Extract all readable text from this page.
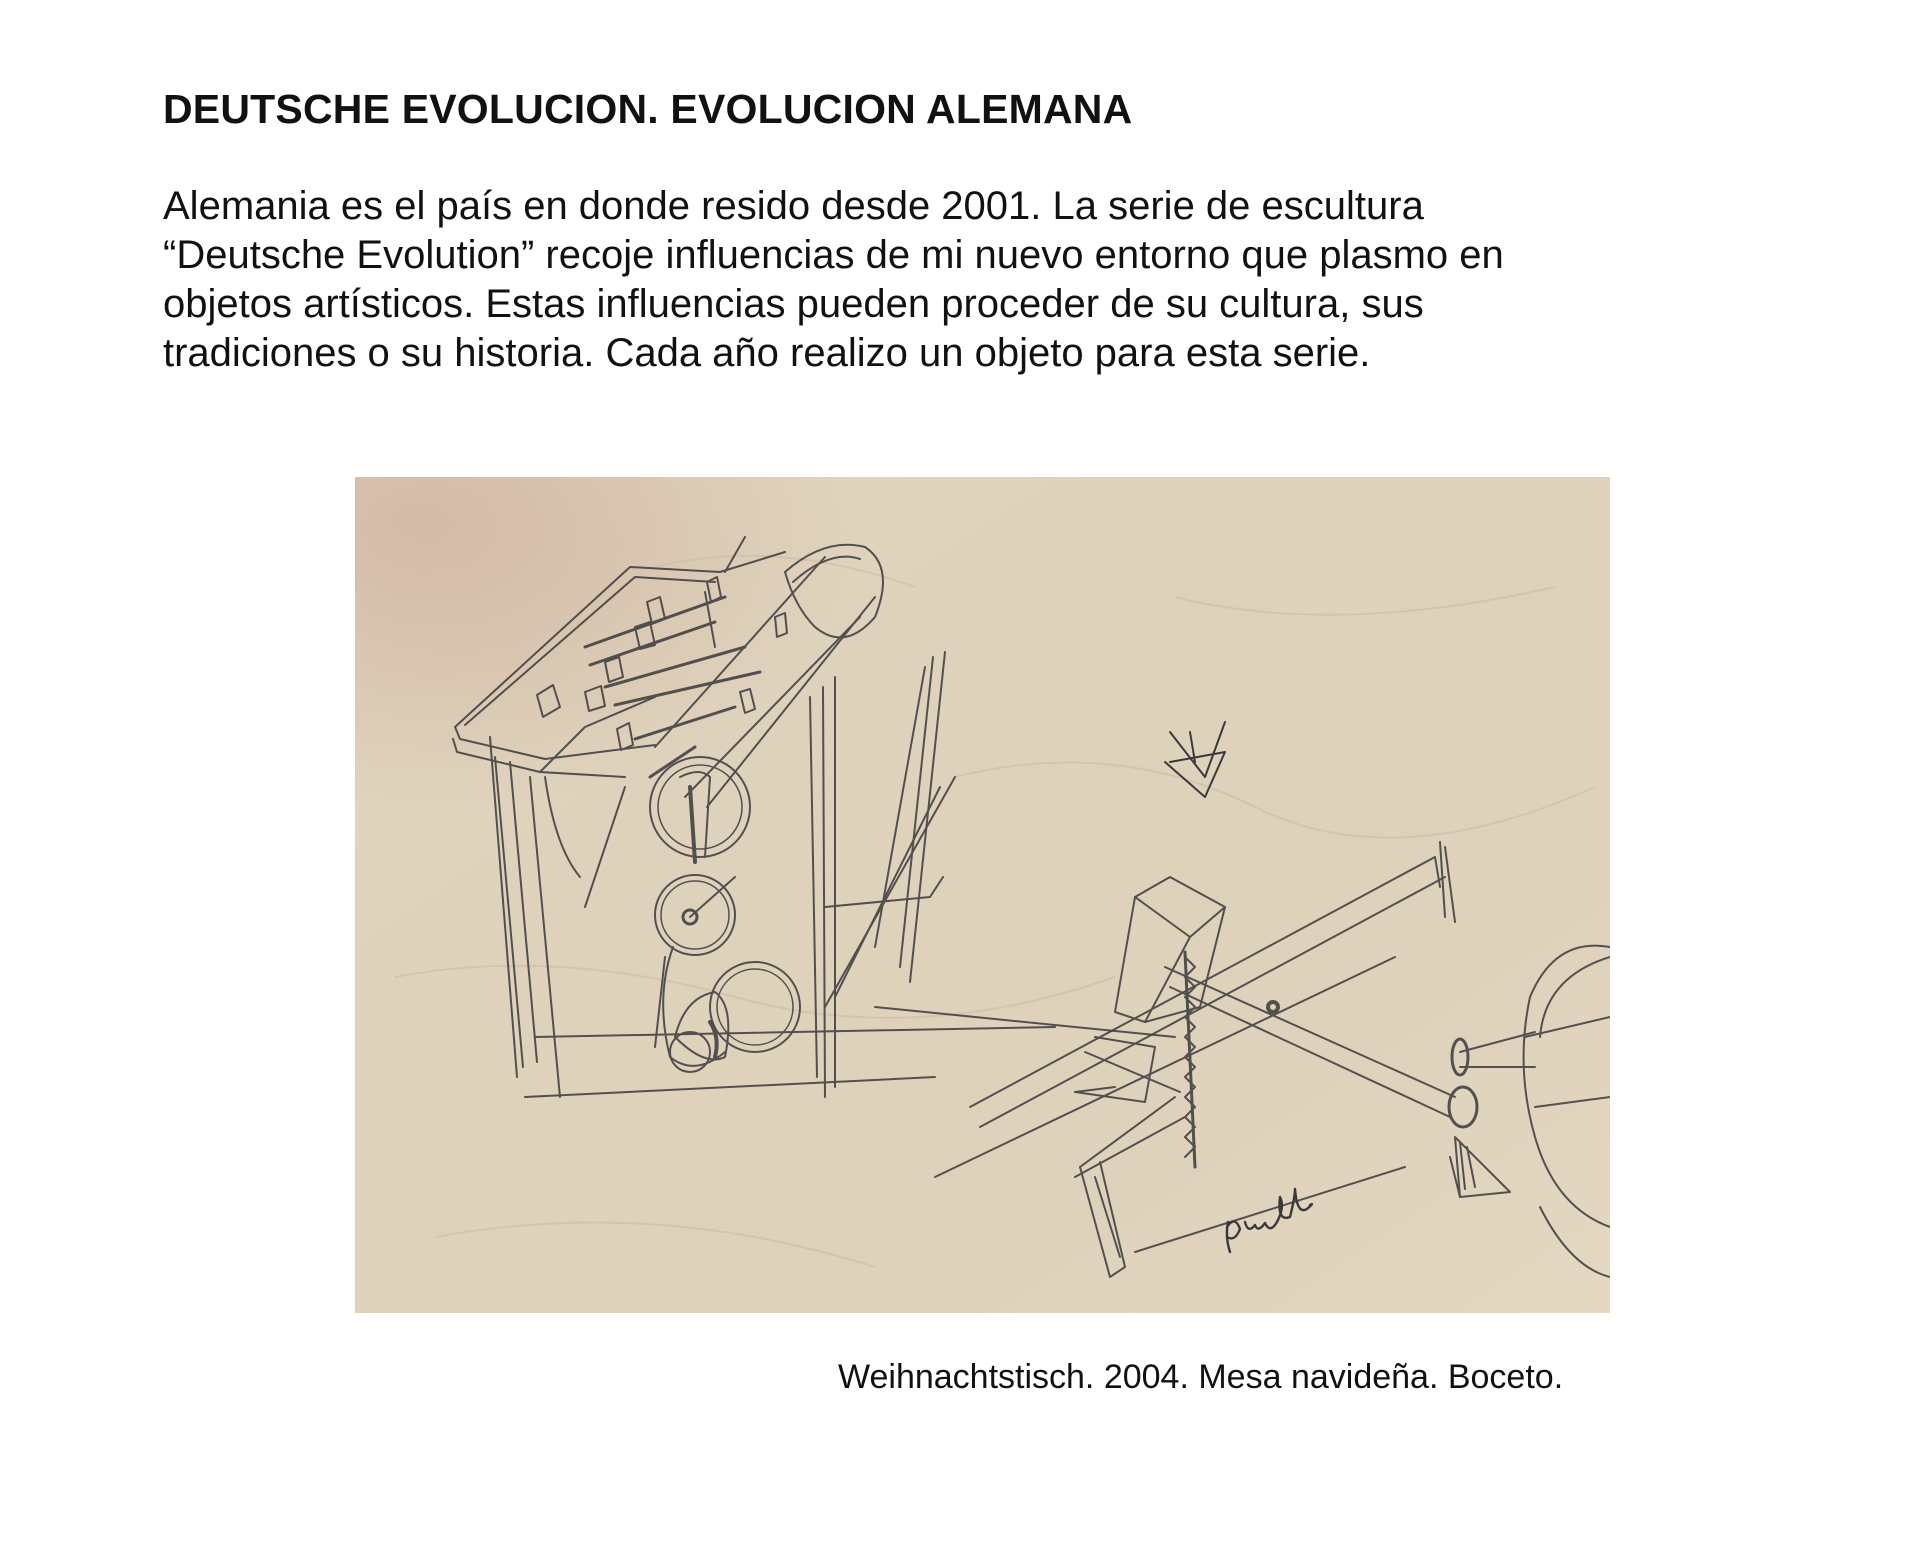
DEUTSCHE EVOLUCION. EVOLUCION ALEMANA

Alemania es el país en donde resido desde 2001. La serie de escultura
“Deutsche Evolution” recoje influencias de mi nuevo entorno que plasmo en
objetos artísticos. Estas influencias pueden proceder de su cultura, sus
tradiciones o su historia. Cada año realizo un objeto para esta serie.

Weihnachtstisch. 2004. Mesa navideña. Boceto.
